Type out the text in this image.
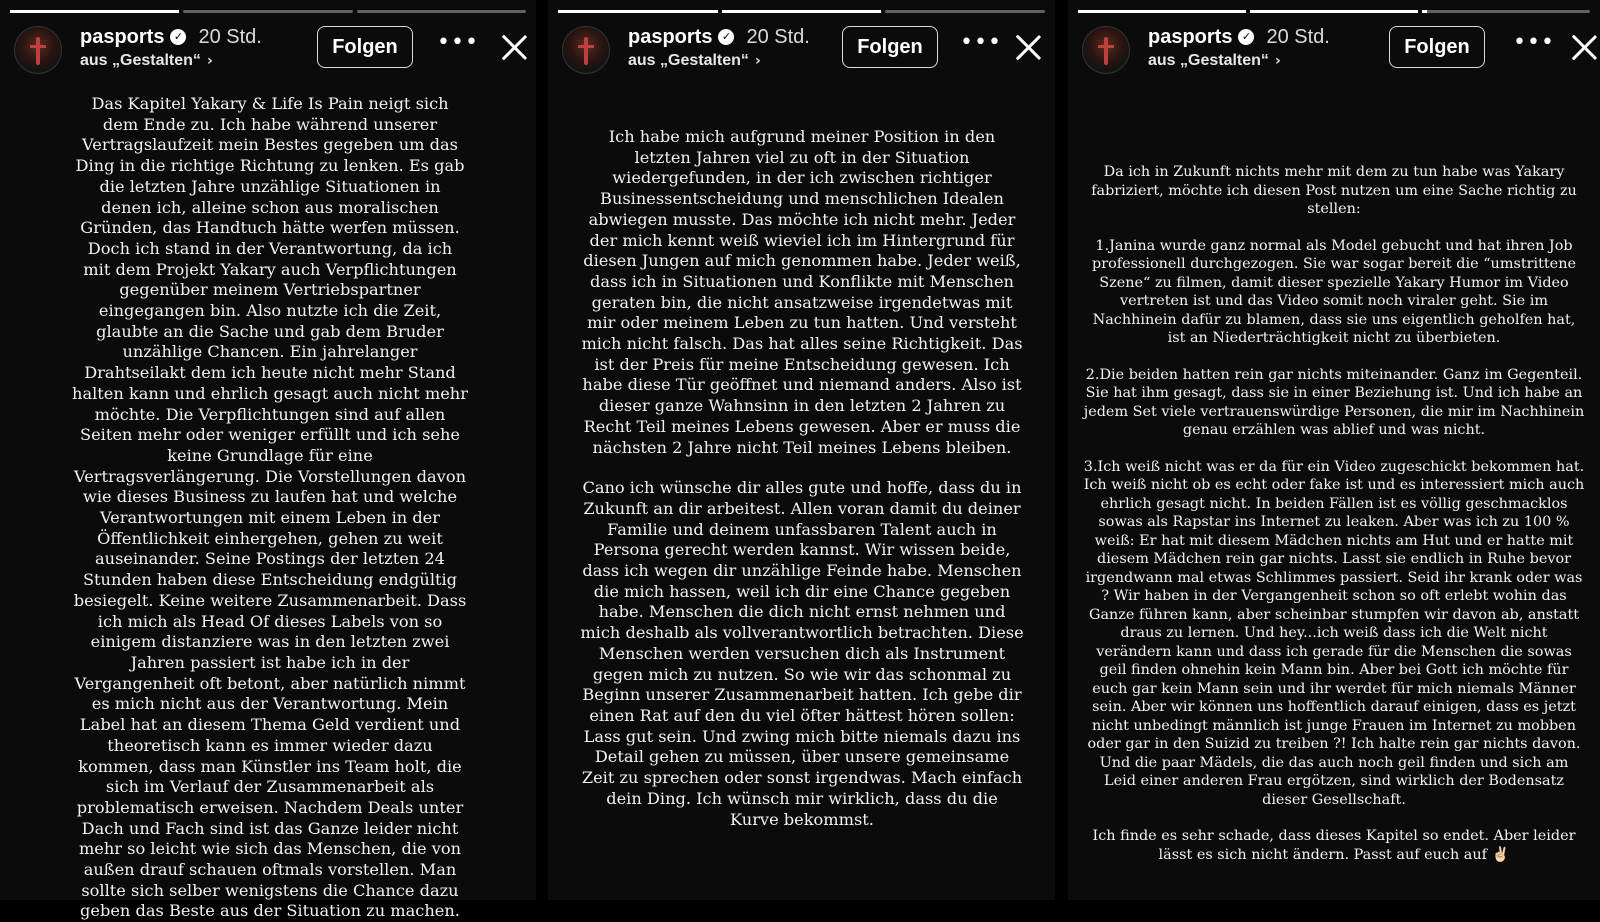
pasports ✓ 20 Std.
aus „Gestalten“ ›
Folgen	•••

Das Kapitel Yakary & Life Is Pain neigt sich dem Ende zu. Ich habe während unserer Vertragslaufzeit mein Bestes gegeben um das Ding in die richtige Richtung zu lenken. Es gab die letzten Jahre unzählige Situationen in denen ich, alleine schon aus moralischen Gründen, das Handtuch hätte werfen müssen. Doch ich stand in der Verantwortung, da ich mit dem Projekt Yakary auch Verpflichtungen gegenüber meinem Vertriebspartner eingegangen bin. Also nutzte ich die Zeit, glaubte an die Sache und gab dem Bruder unzählige Chancen. Ein jahrelanger Drahtseilakt dem ich heute nicht mehr Stand halten kann und ehrlich gesagt auch nicht mehr möchte. Die Verpflichtungen sind auf allen Seiten mehr oder weniger erfüllt und ich sehe keine Grundlage für eine Vertragsverlängerung. Die Vorstellungen davon wie dieses Business zu laufen hat und welche Verantwortungen mit einem Leben in der Öffentlichkeit einhergehen, gehen zu weit auseinander. Seine Postings der letzten 24 Stunden haben diese Entscheidung endgültig besiegelt. Keine weitere Zusammenarbeit. Dass ich mich als Head Of dieses Labels von so einigem distanziere was in den letzten zwei Jahren passiert ist habe ich in der Vergangenheit oft betont, aber natürlich nimmt es mich nicht aus der Verantwortung. Mein Label hat an diesem Thema Geld verdient und theoretisch kann es immer wieder dazu kommen, dass man Künstler ins Team holt, die sich im Verlauf der Zusammenarbeit als problematisch erweisen. Nachdem Deals unter Dach und Fach sind ist das Ganze leider nicht mehr so leicht wie sich das Menschen, die von außen drauf schauen oftmals vorstellen. Man sollte sich selber wenigstens die Chance dazu geben das Beste aus der Situation zu machen.

pasports ✓ 20 Std.
aus „Gestalten“ ›
Folgen	•••

Ich habe mich aufgrund meiner Position in den letzten Jahren viel zu oft in der Situation wiedergefunden, in der ich zwischen richtiger Businessentscheidung und menschlichen Idealen abwiegen musste. Das möchte ich nicht mehr. Jeder der mich kennt weiß wieviel ich im Hintergrund für diesen Jungen auf mich genommen habe. Jeder weiß, dass ich in Situationen und Konflikte mit Menschen geraten bin, die nicht ansatzweise irgendetwas mit mir oder meinem Leben zu tun hatten. Und versteht mich nicht falsch. Das hat alles seine Richtigkeit. Das ist der Preis für meine Entscheidung gewesen. Ich habe diese Tür geöffnet und niemand anders. Also ist dieser ganze Wahnsinn in den letzten 2 Jahren zu Recht Teil meines Lebens gewesen. Aber er muss die nächsten 2 Jahre nicht Teil meines Lebens bleiben.

Cano ich wünsche dir alles gute und hoffe, dass du in Zukunft an dir arbeitest. Allen voran damit du deiner Familie und deinem unfassbaren Talent auch in Persona gerecht werden kannst. Wir wissen beide, dass ich wegen dir unzählige Feinde habe. Menschen die mich hassen, weil ich dir eine Chance gegeben habe. Menschen die dich nicht ernst nehmen und mich deshalb als vollverantwortlich betrachten. Diese Menschen werden versuchen dich als Instrument gegen mich zu nutzen. So wie wir das schonmal zu Beginn unserer Zusammenarbeit hatten. Ich gebe dir einen Rat auf den du viel öfter hättest hören sollen: Lass gut sein. Und zwing mich bitte niemals dazu ins Detail gehen zu müssen, über unsere gemeinsame Zeit zu sprechen oder sonst irgendwas. Mach einfach dein Ding. Ich wünsch mir wirklich, dass du die Kurve bekommst.

pasports ✓ 20 Std.
aus „Gestalten“ ›
Folgen	•••

Da ich in Zukunft nichts mehr mit dem zu tun habe was Yakary fabriziert, möchte ich diesen Post nutzen um eine Sache richtig zu stellen:

1.Janina wurde ganz normal als Model gebucht und hat ihren Job professionell durchgezogen. Sie war sogar bereit die “umstrittene Szene“ zu filmen, damit dieser spezielle Yakary Humor im Video vertreten ist und das Video somit noch viraler geht. Sie im Nachhinein dafür zu blamen, dass sie uns eigentlich geholfen hat, ist an Niederträchtigkeit nicht zu überbieten.

2.Die beiden hatten rein gar nichts miteinander. Ganz im Gegenteil. Sie hat ihm gesagt, dass sie in einer Beziehung ist. Und ich habe an jedem Set viele vertrauenswürdige Personen, die mir im Nachhinein genau erzählen was ablief und was nicht.

3.Ich weiß nicht was er da für ein Video zugeschickt bekommen hat. Ich weiß nicht ob es echt oder fake ist und es interessiert mich auch ehrlich gesagt nicht. In beiden Fällen ist es völlig geschmacklos sowas als Rapstar ins Internet zu leaken. Aber was ich zu 100 % weiß: Er hat mit diesem Mädchen nichts am Hut und er hatte mit diesem Mädchen rein gar nichts. Lasst sie endlich in Ruhe bevor irgendwann mal etwas Schlimmes passiert. Seid ihr krank oder was ? Wir haben in der Vergangenheit schon so oft erlebt wohin das Ganze führen kann, aber scheinbar stumpfen wir davon ab, anstatt draus zu lernen. Und hey...ich weiß dass ich die Welt nicht verändern kann und dass ich gerade für die Menschen die sowas geil finden ohnehin kein Mann bin. Aber bei Gott ich möchte für euch gar kein Mann sein und ihr werdet für mich niemals Männer sein. Aber wir können uns hoffentlich darauf einigen, dass es jetzt nicht unbedingt männlich ist junge Frauen im Internet zu mobben oder gar in den Suizid zu treiben ?! Ich halte rein gar nichts davon. Und die paar Mädels, die das auch noch geil finden und sich am Leid einer anderen Frau ergötzen, sind wirklich der Bodensatz dieser Gesellschaft.

Ich finde es sehr schade, dass dieses Kapitel so endet. Aber leider lässt es sich nicht ändern. Passt auf euch auf ✌🏻
